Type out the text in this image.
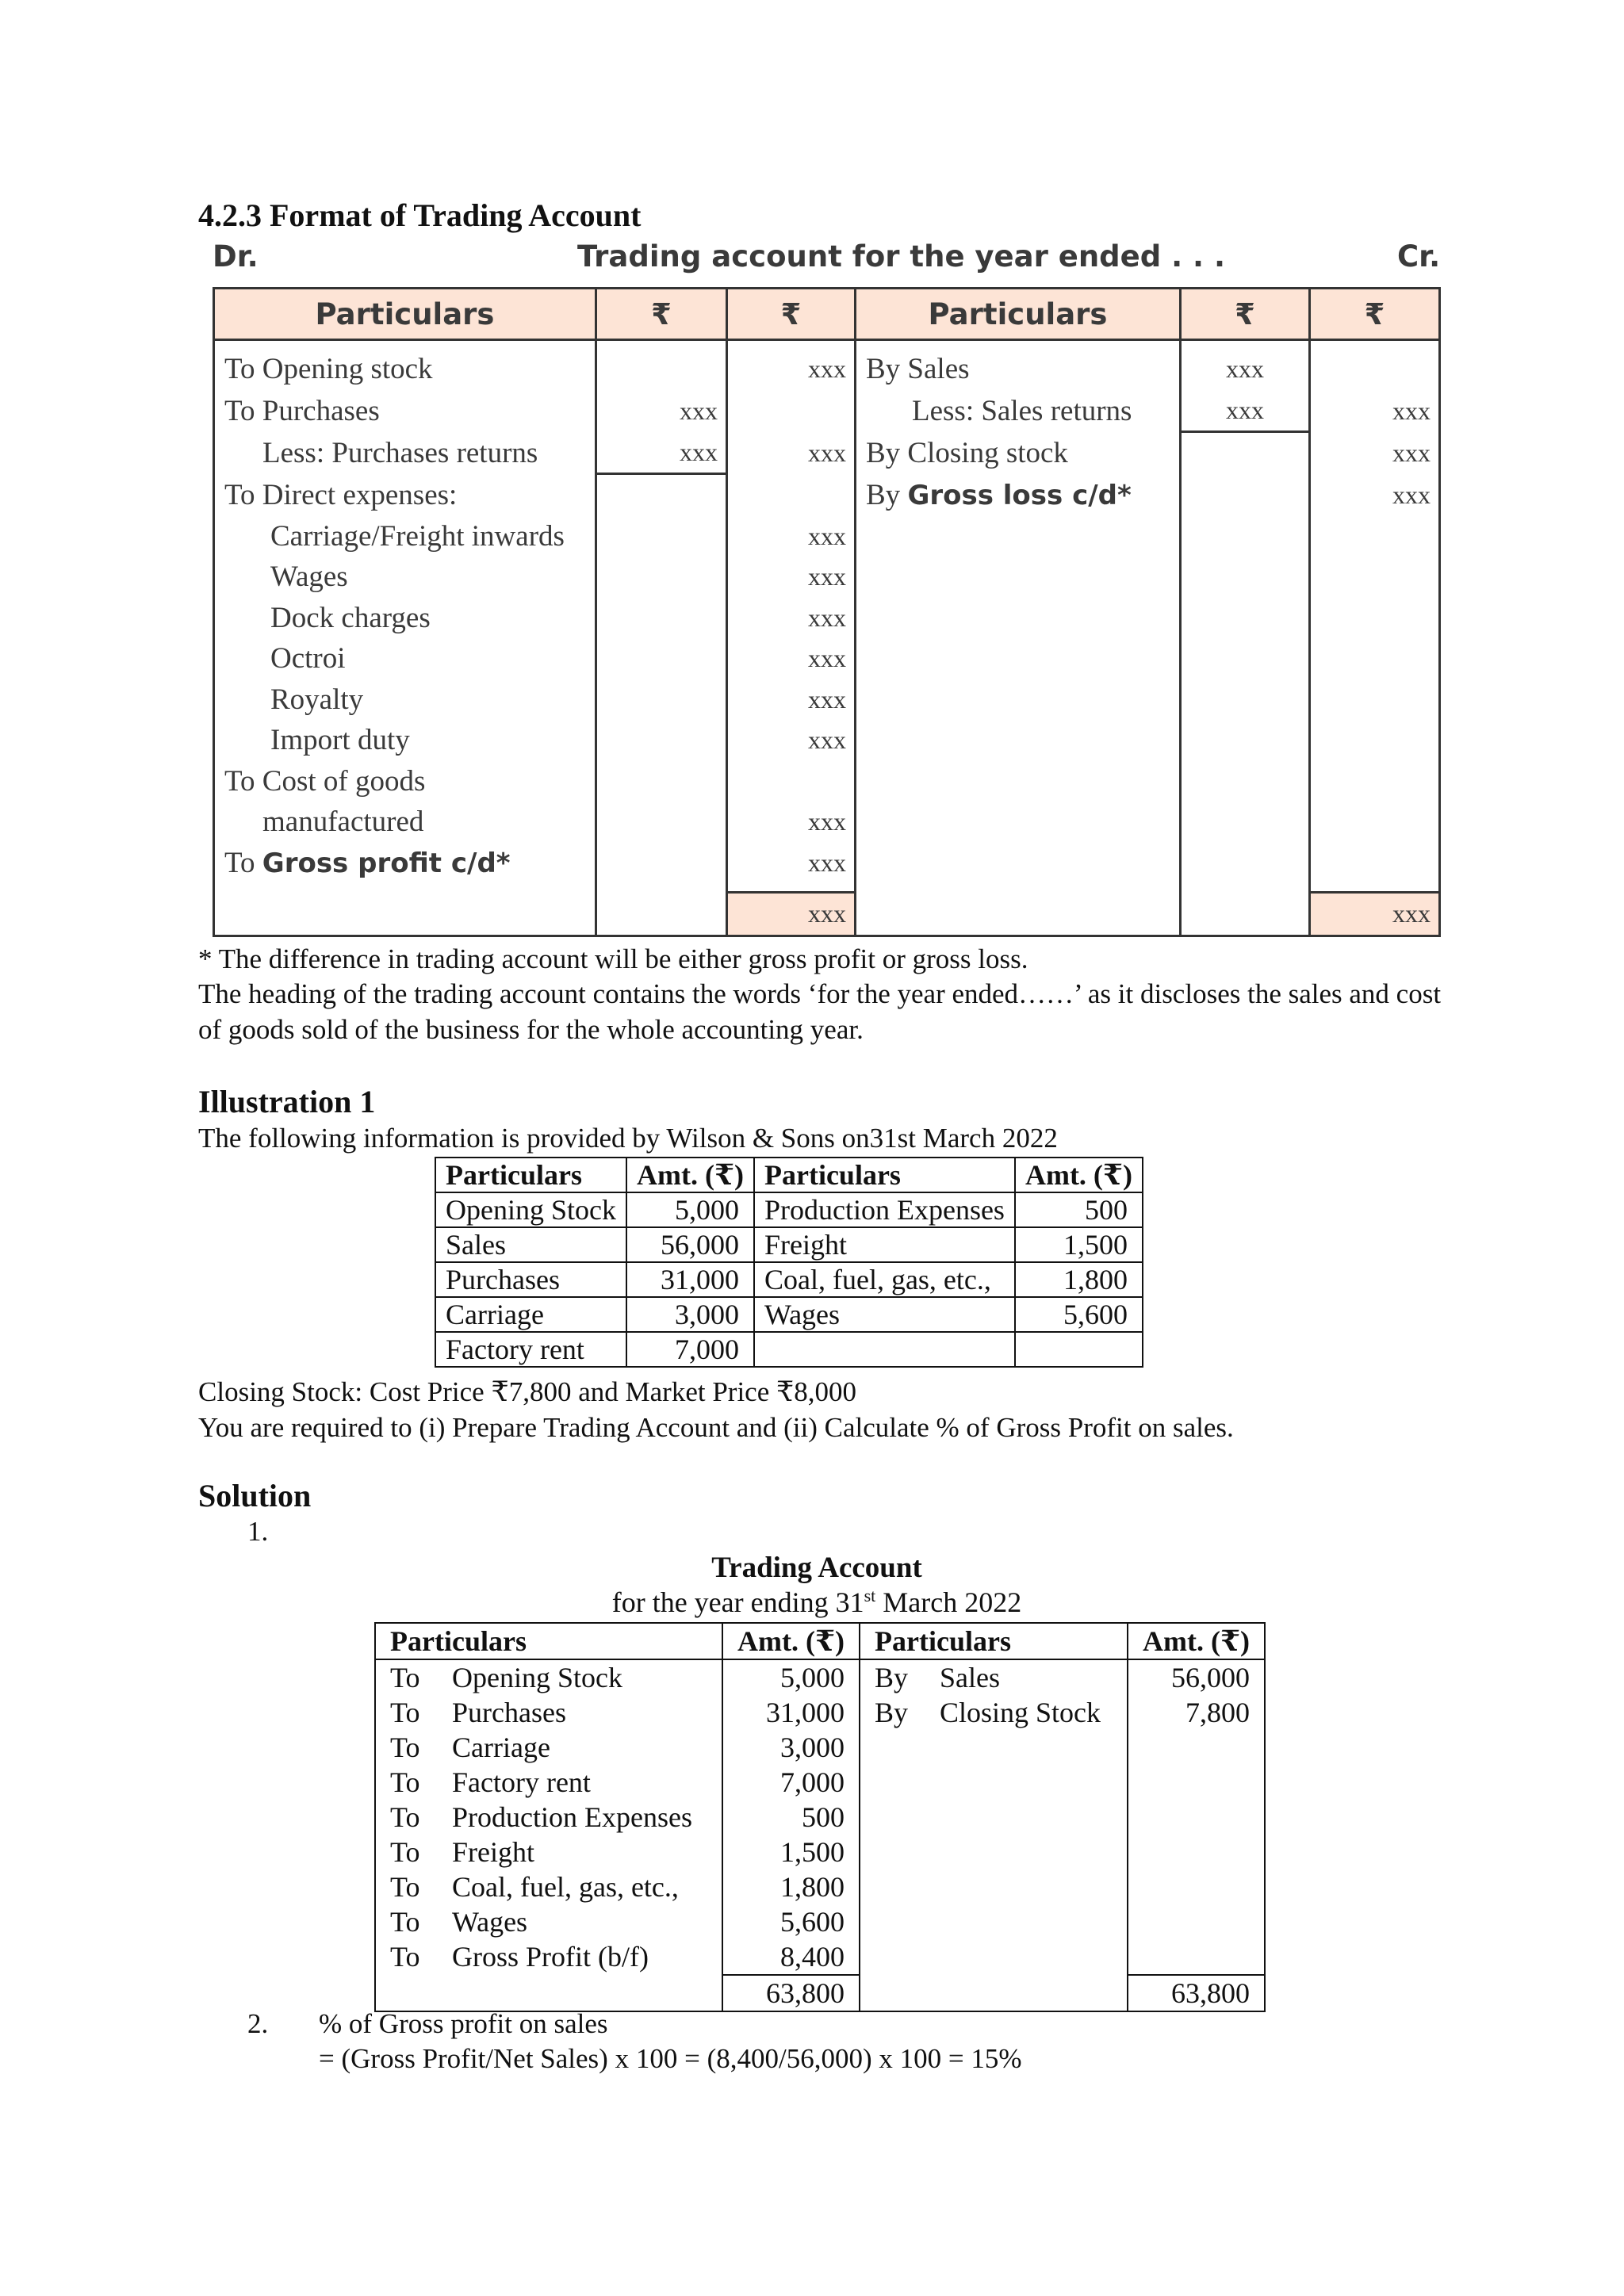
4.2.3 Format of Trading Account
Dr.	Trading account for the year ended . . .	Cr.
Particulars	₹	₹	Particulars	₹	₹

To Opening stock		xxx	By Sales	xxx	
To Purchases	xxx		Less: Sales returns	xxx	xxx
Less: Purchases returns	xxx	xxx	By Closing stock		xxx
To Direct expenses:			By Gross loss c/d*		xxx
Carriage/Freight inwards		xxx			
Wages		xxx			
Dock charges		xxx			
Octroi		xxx			
Royalty		xxx			
Import duty		xxx			
To Cost of goods					
manufactured		xxx			
To Gross profit c/d*		xxx			

		xxx			xxx
* The difference in trading account will be either gross profit or gross loss.
The heading of the trading account contains the words ‘for the year ended……’ as it discloses the sales and cost of goods sold of the business for the whole accounting year.
Illustration 1
The following information is provided by Wilson & Sons on31st March 2022
Particulars	Amt. (₹)	Particulars	Amt. (₹)
Opening Stock	5,000	Production Expenses	500
Sales	56,000	Freight	1,500
Purchases	31,000	Coal, fuel, gas, etc.,	1,800
Carriage	3,000	Wages	5,600
Factory rent	7,000		
Closing Stock: Cost Price ₹7,800 and Market Price ₹8,000
You are required to (i) Prepare Trading Account and (ii) Calculate % of Gross Profit on sales.
Solution
1.
Trading Account
for the year ending 31st March 2022
Particulars	Amt. (₹)	Particulars	Amt. (₹)
To Opening Stock	5,000	By Sales	56,000
To Purchases	31,000	By Closing Stock	7,800
To Carriage	3,000		
To Factory rent	7,000		
To Production Expenses	500		
To Freight	1,500		
To Coal, fuel, gas, etc.,	1,800		
To Wages	5,600		
To Gross Profit (b/f)	8,400		
	63,800		63,800
2. % of Gross profit on sales
= (Gross Profit/Net Sales) x 100 = (8,400/56,000) x 100 = 15%
